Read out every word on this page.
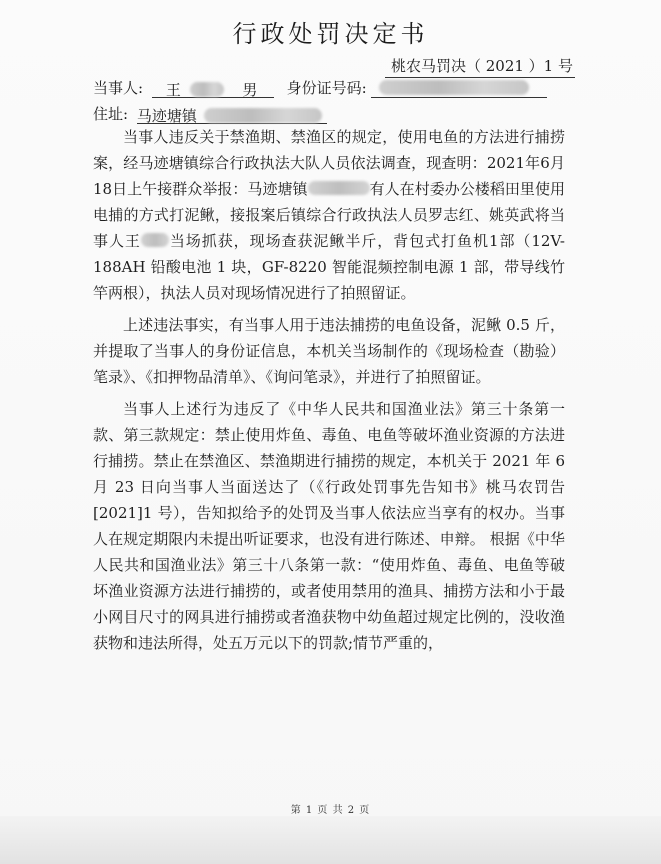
行政处罚决定书
桃农马罚决（ 2021 ）1 号
当事人: 王	男 身份证号码:
住址: 马迹塘镇

当事人违反关于禁渔期、禁渔区的规定，使用电鱼的方法进行捕捞案，经马迹塘镇综合行政执法大队人员依法调查，现查明：2021年6月18日上午接群众举报：马迹塘镇	有人在村委办公楼稻田里使用电捕的方式打泥鳅，接报案后镇综合行政执法人员罗志红、姚英武将当事人王 当场抓获，现场查获泥鳅半斤，背包式打鱼机1部（12V-188AH 铅酸电池 1 块，GF-8220 智能混频控制电源 1 部，带导线竹竿两根），执法人员对现场情况进行了拍照留证。

上述违法事实，有当事人用于违法捕捞的电鱼设备，泥鳅 0.5 斤，并提取了当事人的身份证信息，本机关当场制作的《现场检查（勘验）笔录》、《扣押物品清单》、《询问笔录》，并进行了拍照留证。

当事人上述行为违反了《中华人民共和国渔业法》第三十条第一款、第三款规定：禁止使用炸鱼、毒鱼、电鱼等破坏渔业资源的方法进行捕捞。禁止在禁渔区、禁渔期进行捕捞的规定，本机关于 2021 年 6 月 23 日向当事人当面送达了（《行政处罚事先告知书》桃马农罚告[2021]1 号），告知拟给予的处罚及当事人依法应当享有的权办。当事人在规定期限内未提出听证要求，也没有进行陈述、申辩。 根据《中华人民共和国渔业法》第三十八条第一款：“使用炸鱼、毒鱼、电鱼等破坏渔业资源方法进行捕捞的，或者使用禁用的渔具、捕捞方法和小于最小网目尺寸的网具进行捕捞或者渔获物中幼鱼超过规定比例的，没收渔获物和违法所得，处五万元以下的罚款;情节严重的，

第 1 页 共 2 页
